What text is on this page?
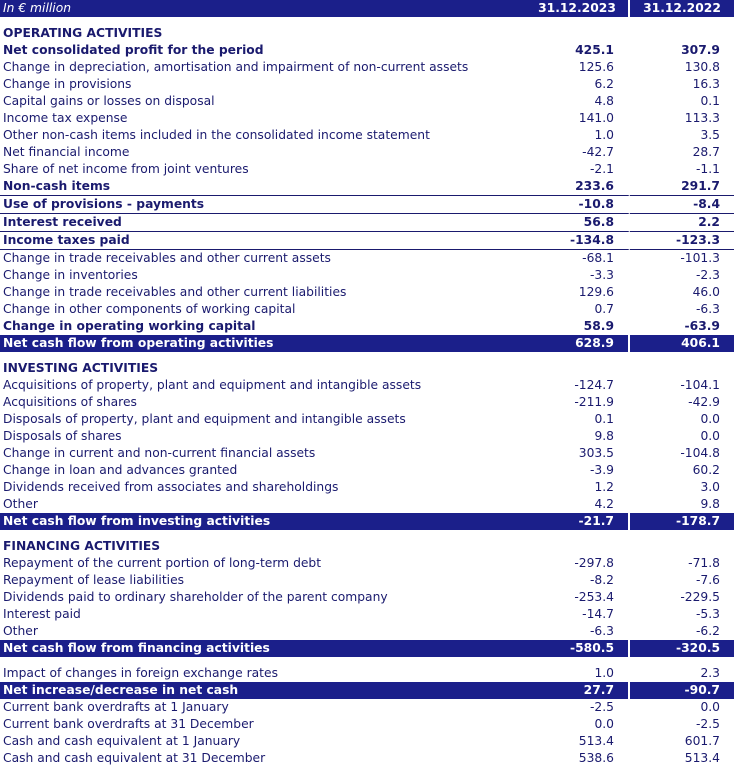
In € million	31.12.2023	31.12.2022

OPERATING ACTIVITIES		
Net consolidated profit for the period	425.1	307.9
Change in depreciation, amortisation and impairment of non-current assets	125.6	130.8
Change in provisions	6.2	16.3
Capital gains or losses on disposal	4.8	0.1
Income tax expense	141.0	113.3
Other non-cash items included in the consolidated income statement	1.0	3.5
Net financial income	-42.7	28.7
Share of net income from joint ventures	-2.1	-1.1
Non-cash items	233.6	291.7
Use of provisions - payments	-10.8	-8.4
Interest received	56.8	2.2
Income taxes paid	-134.8	-123.3
Change in trade receivables and other current assets	-68.1	-101.3
Change in inventories	-3.3	-2.3
Change in trade receivables and other current liabilities	129.6	46.0
Change in other components of working capital	0.7	-6.3
Change in operating working capital	58.9	-63.9
Net cash flow from operating activities	628.9	406.1

INVESTING ACTIVITIES		
Acquisitions of property, plant and equipment and intangible assets	-124.7	-104.1
Acquisitions of shares	-211.9	-42.9
Disposals of property, plant and equipment and intangible assets	0.1	0.0
Disposals of shares	9.8	0.0
Change in current and non-current financial assets	303.5	-104.8
Change in loan and advances granted	-3.9	60.2
Dividends received from associates and shareholdings	1.2	3.0
Other	4.2	9.8
Net cash flow from investing activities	-21.7	-178.7

FINANCING ACTIVITIES		
Repayment of the current portion of long-term debt	-297.8	-71.8
Repayment of lease liabilities	-8.2	-7.6
Dividends paid to ordinary shareholder of the parent company	-253.4	-229.5
Interest paid	-14.7	-5.3
Other	-6.3	-6.2
Net cash flow from financing activities	-580.5	-320.5

Impact of changes in foreign exchange rates	1.0	2.3
Net increase/decrease in net cash	27.7	-90.7
Current bank overdrafts at 1 January	-2.5	0.0
Current bank overdrafts at 31 December	0.0	-2.5
Cash and cash equivalent at 1 January	513.4	601.7
Cash and cash equivalent at 31 December	538.6	513.4
